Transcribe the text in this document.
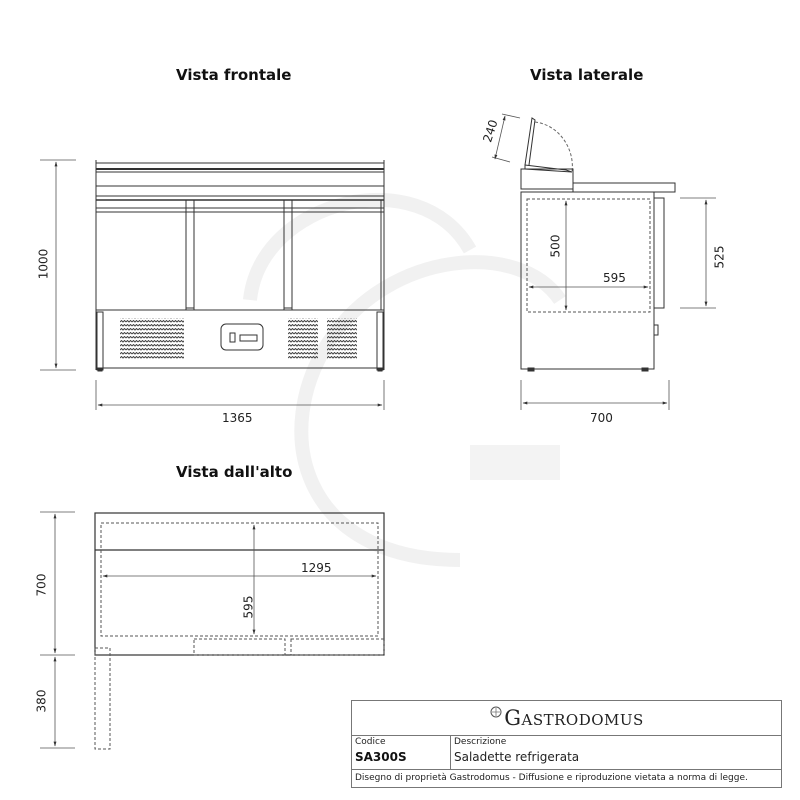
Vista frontale	Vista laterale
Vista dall'alto
1000
1365
240
500
595
525
700
1295
595
700
380
GASTRODOMUS
Codice
SA300S
Descrizione
Saladette refrigerata
Disegno di proprietà Gastrodomus - Diffusione e riproduzione vietata a norma di legge.
